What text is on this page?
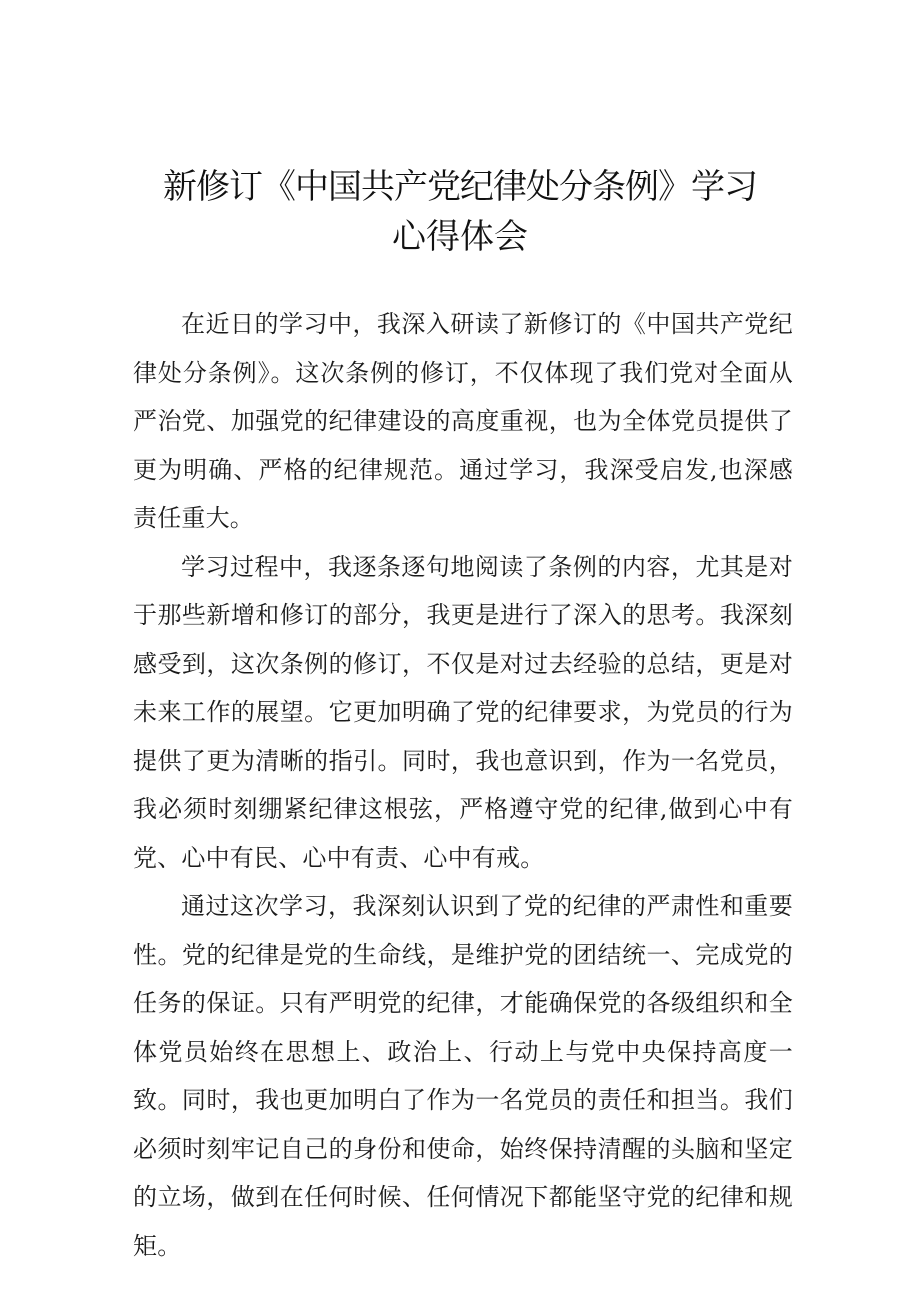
新修订《中国共产党纪律处分条例》学习
心得体会

在近日的学习中，我深入研读了新修订的《中国共产党纪律处分条例》。这次条例的修订，不仅体现了我们党对全面从严治党、加强党的纪律建设的高度重视，也为全体党员提供了更为明确、严格的纪律规范。通过学习，我深受启发,也深感责任重大。

学习过程中，我逐条逐句地阅读了条例的内容，尤其是对于那些新增和修订的部分，我更是进行了深入的思考。我深刻感受到，这次条例的修订，不仅是对过去经验的总结，更是对未来工作的展望。它更加明确了党的纪律要求，为党员的行为提供了更为清晰的指引。同时，我也意识到，作为一名党员，我必须时刻绷紧纪律这根弦，严格遵守党的纪律,做到心中有党、心中有民、心中有责、心中有戒。

通过这次学习，我深刻认识到了党的纪律的严肃性和重要性。党的纪律是党的生命线，是维护党的团结统一、完成党的任务的保证。只有严明党的纪律，才能确保党的各级组织和全体党员始终在思想上、政治上、行动上与党中央保持高度一致。同时，我也更加明白了作为一名党员的责任和担当。我们必须时刻牢记自己的身份和使命，始终保持清醒的头脑和坚定的立场，做到在任何时候、任何情况下都能坚守党的纪律和规矩。
